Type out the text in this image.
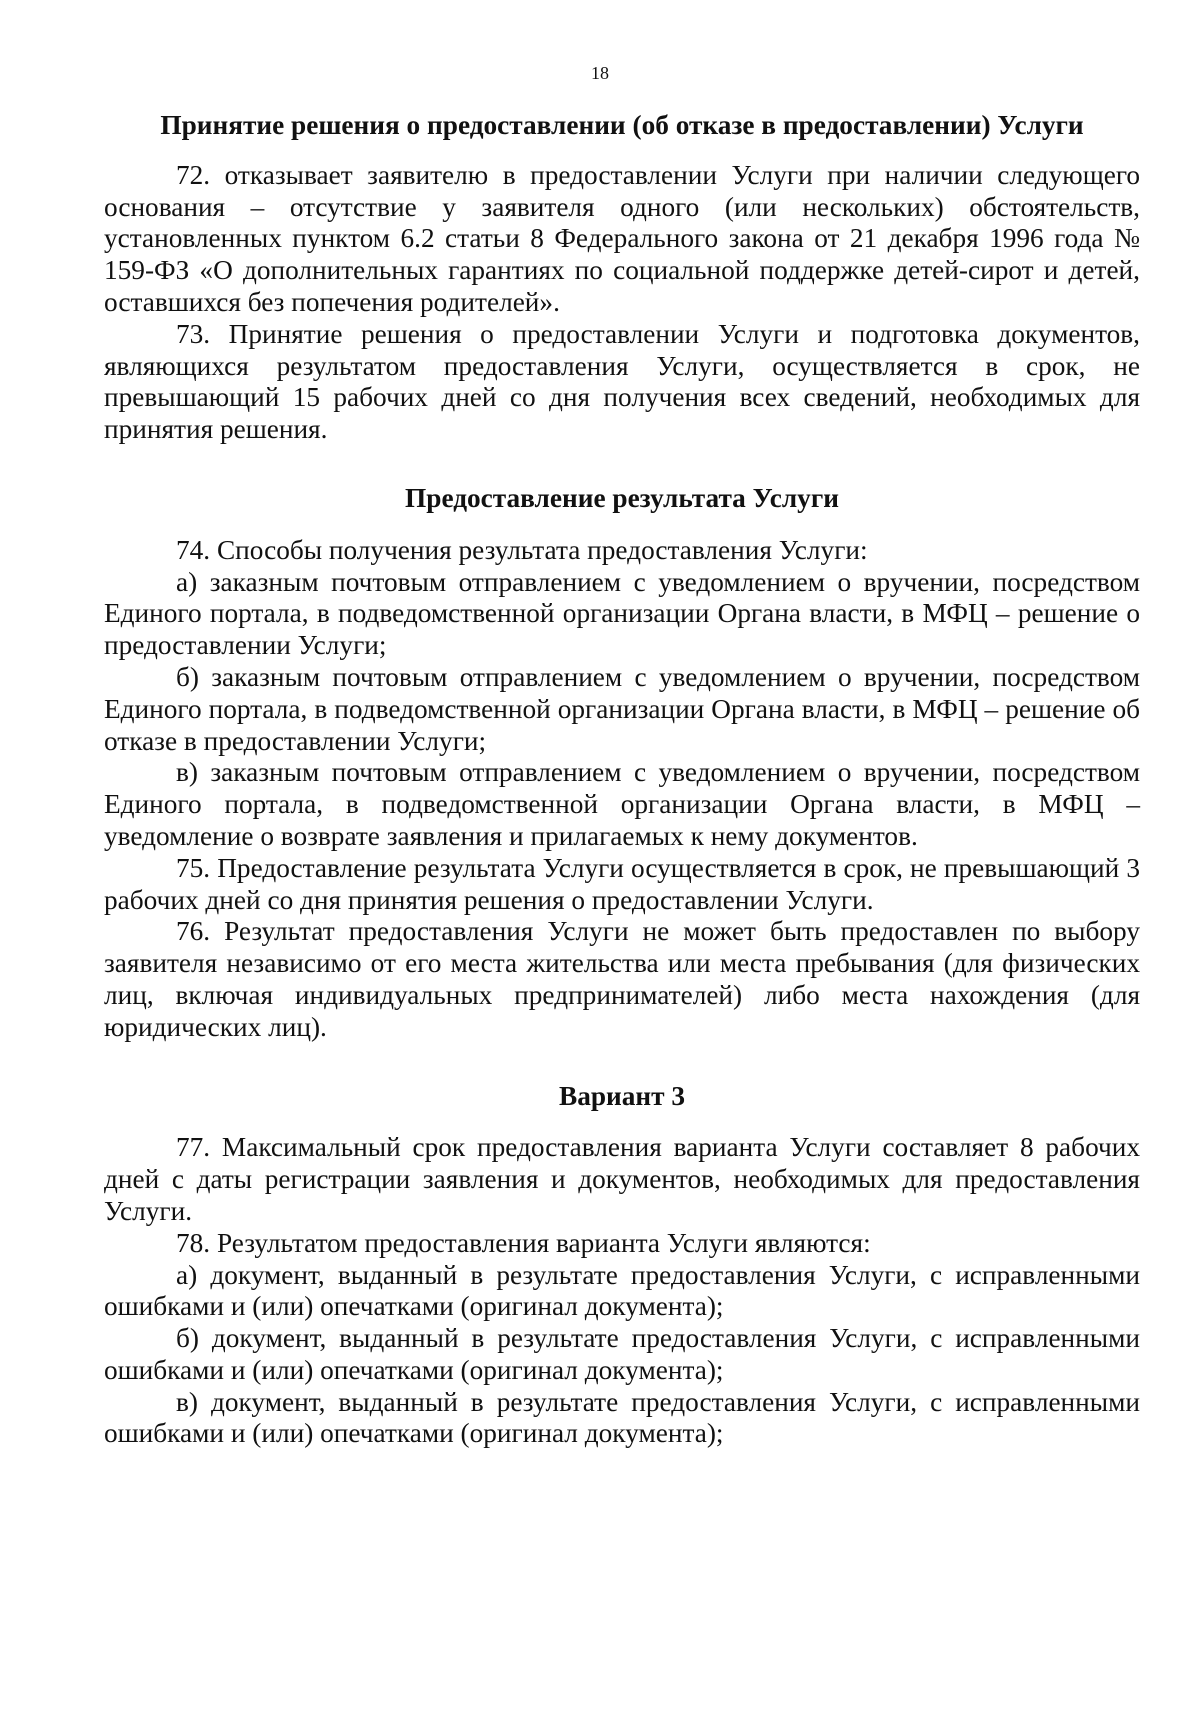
18

Принятие решения о предоставлении (об отказе в предоставлении) Услуги

72. отказывает заявителю в предоставлении Услуги при наличии следующего основания – отсутствие у заявителя одного (или нескольких) обстоятельств, установленных пунктом 6.2 статьи 8 Федерального закона от 21 декабря 1996 года № 159-ФЗ «О дополнительных гарантиях по социальной поддержке детей-сирот и детей, оставшихся без попечения родителей».

73. Принятие решения о предоставлении Услуги и подготовка документов, являющихся результатом предоставления Услуги, осуществляется в срок, не превышающий 15 рабочих дней со дня получения всех сведений, необходимых для принятия решения.

Предоставление результата Услуги

74. Способы получения результата предоставления Услуги:

а) заказным почтовым отправлением с уведомлением о вручении, посредством Единого портала, в подведомственной организации Органа власти, в МФЦ – решение о предоставлении Услуги;

б) заказным почтовым отправлением с уведомлением о вручении, посредством Единого портала, в подведомственной организации Органа власти, в МФЦ – решение об отказе в предоставлении Услуги;

в) заказным почтовым отправлением с уведомлением о вручении, посредством Единого портала, в подведомственной организации Органа власти, в МФЦ – уведомление о возврате заявления и прилагаемых к нему документов.

75. Предоставление результата Услуги осуществляется в срок, не превышающий 3 рабочих дней со дня принятия решения о предоставлении Услуги.

76. Результат предоставления Услуги не может быть предоставлен по выбору заявителя независимо от его места жительства или места пребывания (для физических лиц, включая индивидуальных предпринимателей) либо места нахождения (для юридических лиц).

Вариант 3

77. Максимальный срок предоставления варианта Услуги составляет 8 рабочих дней с даты регистрации заявления и документов, необходимых для предоставления Услуги.

78. Результатом предоставления варианта Услуги являются:

а) документ, выданный в результате предоставления Услуги, с исправленными ошибками и (или) опечатками (оригинал документа);

б) документ, выданный в результате предоставления Услуги, с исправленными ошибками и (или) опечатками (оригинал документа);

в) документ, выданный в результате предоставления Услуги, с исправленными ошибками и (или) опечатками (оригинал документа);
